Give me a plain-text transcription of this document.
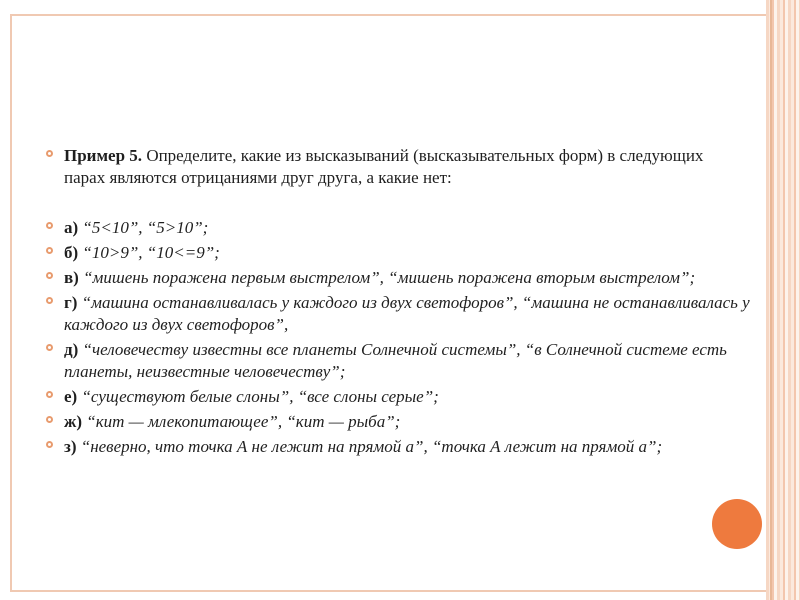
Пример 5. Определите, какие из высказываний (высказывательных форм) в следующих парах являются отрицаниями друг друга, а какие нет:
а) “5<10”, “5>10”;
б) “10>9”, “10<=9”;
в) “мишень поражена первым выстрелом”, “мишень поражена вторым выстрелом”;
г) “машина останавливалась у каждого из двух светофоров”, “машина не останавливалась у каждого из двух светофоров”,
д) “человечеству известны все планеты Солнечной системы”, “в Солнечной системе есть планеты, неизвестные человечеству”;
е) “существуют белые слоны”, “все слоны серые”;
ж) “кит — млекопитающее”, “кит — рыба”;
з) “неверно, что точка А не лежит на прямой а”, “точка А лежит на прямой а”;
